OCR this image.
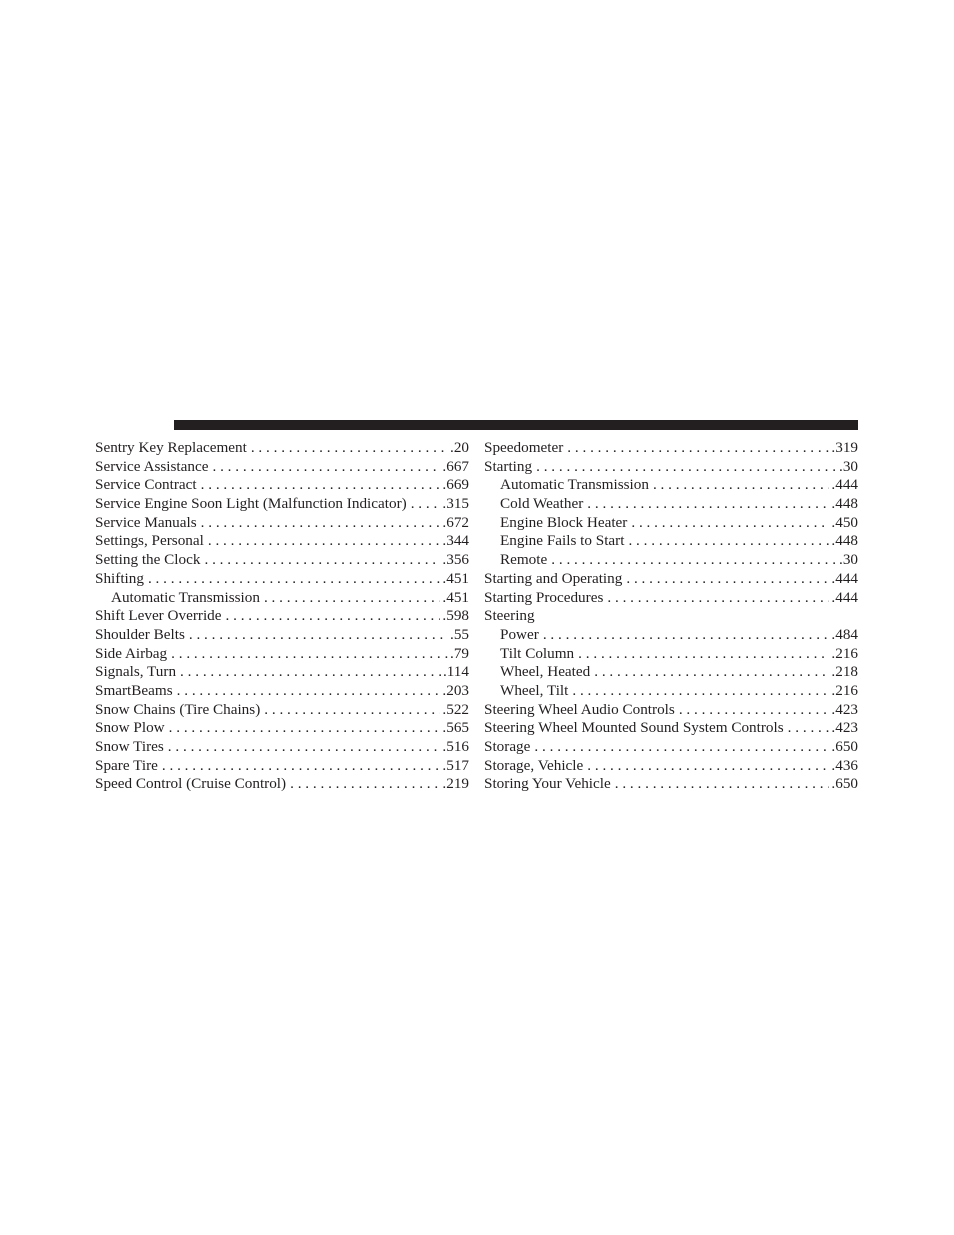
Sentry Key Replacement . . .	.20
Service Assistance . . .	.667
Service Contract . . .	.669
Service Engine Soon Light (Malfunction Indicator) . . . .315
Service Manuals . . .	.672
Settings, Personal . . .	.344
Setting the Clock . . .	.356
Shifting . . .	.451
Automatic Transmission . . .	.451
Shift Lever Override . . .	.598
Shoulder Belts . . .	.55
Side Airbag . . .	.79
Signals, Turn . . .	.114
SmartBeams . . .	.203
Snow Chains (Tire Chains) . . .	.522
Snow Plow . . .	.565
Snow Tires . . .	.516
Spare Tire . . .	.517
Speed Control (Cruise Control) . . .	.219
Speedometer . . .	.319
Starting . . .	.30
Automatic Transmission . . .	.444
Cold Weather . . .	.448
Engine Block Heater . . .	.450
Engine Fails to Start . . .	.448
Remote . . .	.30
Starting and Operating . . .	.444
Starting Procedures . . .	.444
Steering
Power . . .	.484
Tilt Column . . .	.216
Wheel, Heated . . .	.218
Wheel, Tilt . . .	.216
Steering Wheel Audio Controls . . .	.423
Steering Wheel Mounted Sound System Controls . . .	.423
Storage . . .	.650
Storage, Vehicle . . .	.436
Storing Your Vehicle . . .	.650
